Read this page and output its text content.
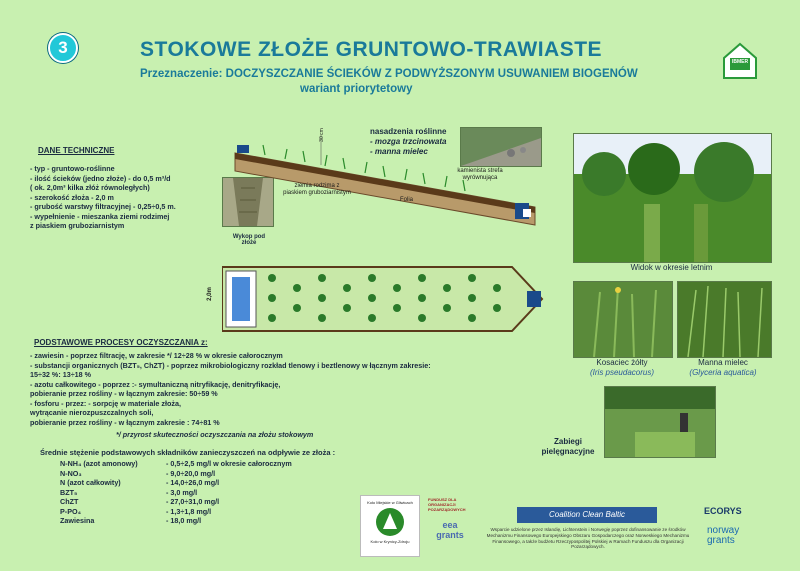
3	STOKOWE ZŁOŻE GRUNTOWO-TRAWIASTE
Przeznaczenie: DOCZYSZCZANIE ŚCIEKÓW Z PODWYŻSZONYM USUWANIEM BIOGENÓW
wariant priorytetowy
IBMER
DANE TECHNICZNE
- typ - gruntowo-roślinne
- ilość ścieków (jedno złoże) - do 0,5 m³/d
( ok. 2,0m³ kilka złóż równoległych)
- szerokość złoża - 2,0 m
- grubość warstwy filtracyjnej - 0,25÷0,5 m.
- wypełnienie - mieszanka ziemi rodzimej
z piaskiem gruboziarnistym
Wykop pod złoże
30 cm	nasadzenia roślinne
- mozga trzcinowata
- manna mielec
ziemia rodzima z piaskiem gruboziarnistym
kamienista strefa wyrównująca
Folia
2,0m
PODSTAWOWE PROCESY OCZYSZCZANIA z:
- zawiesin - poprzez filtrację, w zakresie */ 12÷28 % w okresie całorocznym
- substancji organicznych (BZT₅, ChZT) - poprzez mikrobiologiczny rozkład tlenowy i beztlenowy w łącznym zakresie:
15÷32 %: 13÷18 %
- azotu całkowitego - poprzez :- symultaniczną nitryfikację, denitryfikację,
pobieranie przez rośliny - w łącznym zakresie: 50÷59 %
- fosforu - przez: - sorpcję w materiale złoża,
wytrącanie nierozpuszczalnych soli,
pobieranie przez rośliny - w łącznym zakresie : 74÷81 %
*/ przyrost skuteczności oczyszczania na złożu stokowym
Średnie stężenie podstawowych składników zanieczyszczeń na odpływie ze złoża :
N-NH₄ (azot amonowy)	- 0,5÷2,5 mg/l w okresie całorocznym
N-NO₃	- 9,0÷20,0 mg/l
N (azot całkowity)	- 14,0÷26,0 mg/l
BZT₅	- 3,0 mg/l
ChZT	- 27,0÷31,0 mg/l
P-PO₄	- 1,3÷1,8 mg/l
Zawiesina	- 18,0 mg/l
Widok w okresie letnim
Kosaciec żółty
(Iris pseudacorus)
Manna mielec
(Glyceria aquatica)
Zabiegi pielęgnacyjne
Koło Miejskie w Gliwicach
Koło w Krynicy-Zdroju
FUNDUSZ DLA ORGANIZACJI POZARZĄDOWYCH
eea
grants
Coalition Clean Baltic
Wsparcie udzielone przez Islandię, Lichtenstein i Norwegię poprzez dofinansowanie ze środków Mechanizmu Finansowego Europejskiego Obszaru Gospodarczego oraz Norweskiego Mechanizmu Finansowego, a także budżetu Rzeczypospolitej Polskiej w Ramach Funduszu dla Organizacji Pozarządowych.
ECORYS
norway
grants
